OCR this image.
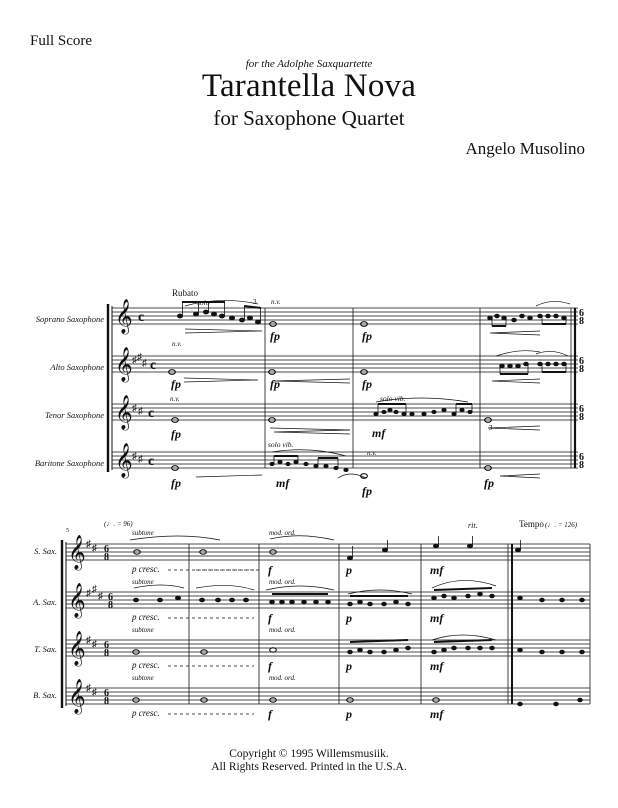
Full Score
for the Adolphe Saxquartette
Tarantella Nova
for Saxophone Quartet
Angelo Musolino
Soprano Saxophone
Alto Saxophone
Tenor Saxophone
Baritone Saxophone
S. Sax.
A. Sax.
T. Sax.
B. Sax.
𝄞
𝄞
𝄞
𝄞
♯ ♯
♯
♯ ♯
♯ ♯
c
c
c
c
6
8
6
8
6
8
6
8
𝄞
𝄞
𝄞
𝄞
♯ ♯
♯ ♯
♯
♯ ♯
♯ ♯
6
8
6
8
6
8
6
8
Rubato
solo	3 n.v.
n.v.
n.v.
n.v.
solo vib.
solo vib.
3
fp	fp
fp	fp	fp
fp	mf
fp	mf
fp
fp
5
(♩. = 96)	Tempo (♩. = 126)
rit.
subtone
subtone
subtone
subtone
mod. ord.
mod. ord.
mod. ord.
mod. ord.
p cresc.
p cresc.
p cresc.
p cresc.
f
f
f
f
p
p
p
p
mf
mf
mf
mf
Copyright © 1995 Willemsmusiik.
All Rights Reserved. Printed in the U.S.A.
